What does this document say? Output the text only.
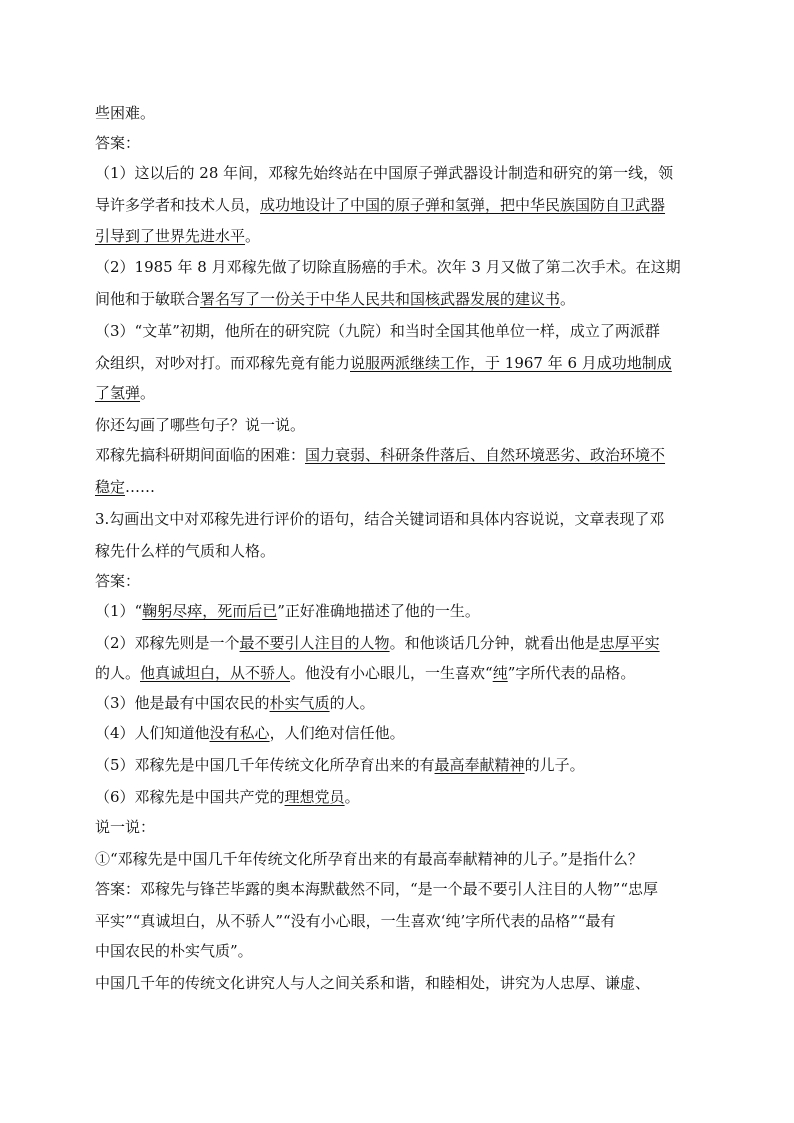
些困难。
答案：
（1）这以后的 28 年间，邓稼先始终站在中国原子弹武器设计制造和研究的第一线，领
导许多学者和技术人员，成功地设计了中国的原子弹和氢弹，把中华民族国防自卫武器
引导到了世界先进水平。
（2）1985 年 8 月邓稼先做了切除直肠癌的手术。次年 3 月又做了第二次手术。在这期
间他和于敏联合署名写了一份关于中华人民共和国核武器发展的建议书。
（3）“文革”初期，他所在的研究院（九院）和当时全国其他单位一样，成立了两派群
众组织，对吵对打。而邓稼先竟有能力说服两派继续工作，于 1967 年 6 月成功地制成
了氢弹。
你还勾画了哪些句子？说一说。
邓稼先搞科研期间面临的困难：国力衰弱、科研条件落后、自然环境恶劣、政治环境不
稳定……
3.勾画出文中对邓稼先进行评价的语句，结合关键词语和具体内容说说，文章表现了邓
稼先什么样的气质和人格。
答案：
（1）“鞠躬尽瘁，死而后已”正好准确地描述了他的一生。
（2）邓稼先则是一个最不要引人注目的人物。和他谈话几分钟，就看出他是忠厚平实
的人。他真诚坦白，从不骄人。他没有小心眼儿，一生喜欢“纯”字所代表的品格。
（3）他是最有中国农民的朴实气质的人。
（4）人们知道他没有私心，人们绝对信任他。
（5）邓稼先是中国几千年传统文化所孕育出来的有最高奉献精神的儿子。
（6）邓稼先是中国共产党的理想党员。
说一说：
①“邓稼先是中国几千年传统文化所孕育出来的有最高奉献精神的儿子。”是指什么？
答案：邓稼先与锋芒毕露的奥本海默截然不同，“是一个最不要引人注目的人物”“忠厚
平实”“真诚坦白，从不骄人”“没有小心眼，一生喜欢‘纯’字所代表的品格”“最有
中国农民的朴实气质”。
中国几千年的传统文化讲究人与人之间关系和谐，和睦相处，讲究为人忠厚、谦虚、
